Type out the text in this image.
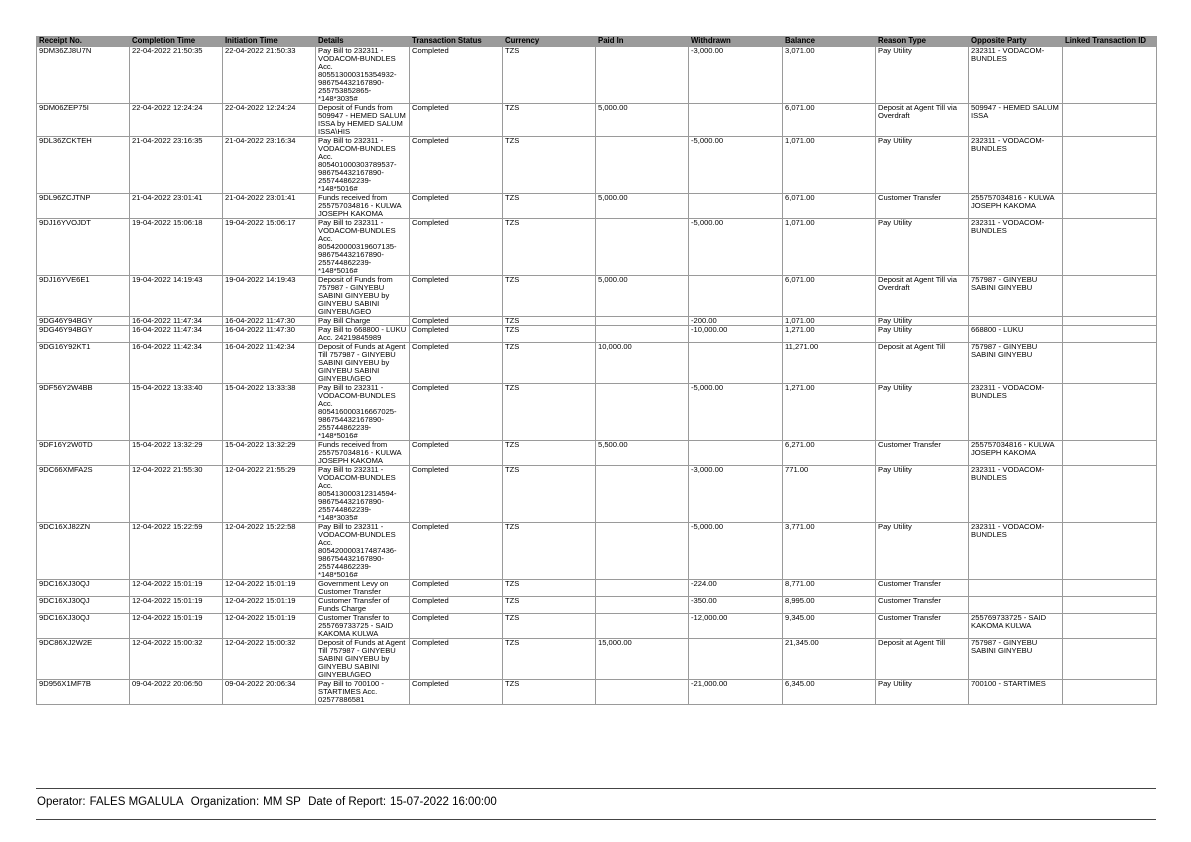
Receipt No.	Completion Time	Initiation Time	Details	Transaction Status	Currency	Paid In	Withdrawn	Balance	Reason Type	Opposite Party	Linked Transaction ID
9DM36ZJ8U7N	22-04-2022 21:50:35	22-04-2022 21:50:33	Pay Bill to 232311 - VODACOM-BUNDLES Acc. 805513000315354932-986754432167890-255753852865-*148*3035#	Completed	TZS		-3,000.00	3,071.00	Pay Utility	232311 - VODACOM-BUNDLES	
9DM06ZEP75I	22-04-2022 12:24:24	22-04-2022 12:24:24	Deposit of Funds from 509947 - HEMED SALUM ISSA by HEMED SALUM ISSA\HIS	Completed	TZS	5,000.00		6,071.00	Deposit at Agent Till via Overdraft	509947 - HEMED SALUM ISSA	
9DL36ZCKTEH	21-04-2022 23:16:35	21-04-2022 23:16:34	Pay Bill to 232311 - VODACOM-BUNDLES Acc. 805401000303789537-986754432167890-255744862239-*148*5016#	Completed	TZS		-5,000.00	1,071.00	Pay Utility	232311 - VODACOM-BUNDLES	
9DL96ZCJTNP	21-04-2022 23:01:41	21-04-2022 23:01:41	Funds received from 255757034816 - KULWA JOSEPH KAKOMA	Completed	TZS	5,000.00		6,071.00	Customer Transfer	255757034816 - KULWA JOSEPH KAKOMA	
9DJ16YVOJDT	19-04-2022 15:06:18	19-04-2022 15:06:17	Pay Bill to 232311 - VODACOM-BUNDLES Acc. 805420000319607135-986754432167890-255744862239-*148*5016#	Completed	TZS		-5,000.00	1,071.00	Pay Utility	232311 - VODACOM-BUNDLES	
9DJ16YVE6E1	19-04-2022 14:19:43	19-04-2022 14:19:43	Deposit of Funds from 757987 - GINYEBU SABINI GINYEBU by GINYEBU SABINI GINYEBU\GEO	Completed	TZS	5,000.00		6,071.00	Deposit at Agent Till via Overdraft	757987 - GINYEBU SABINI GINYEBU	
9DG46Y94BGY	16-04-2022 11:47:34	16-04-2022 11:47:30	Pay Bill Charge	Completed	TZS		-200.00	1,071.00	Pay Utility		
9DG46Y94BGY	16-04-2022 11:47:34	16-04-2022 11:47:30	Pay Bill to 668800 - LUKU Acc. 24219845989	Completed	TZS		-10,000.00	1,271.00	Pay Utility	668800 - LUKU	
9DG16Y92KT1	16-04-2022 11:42:34	16-04-2022 11:42:34	Deposit of Funds at Agent Till 757987 - GINYEBU SABINI GINYEBU by GINYEBU SABINI GINYEBU\GEO	Completed	TZS	10,000.00		11,271.00	Deposit at Agent Till	757987 - GINYEBU SABINI GINYEBU	
9DF56Y2W4BB	15-04-2022 13:33:40	15-04-2022 13:33:38	Pay Bill to 232311 - VODACOM-BUNDLES Acc. 805416000316667025-986754432167890-255744862239-*148*5016#	Completed	TZS		-5,000.00	1,271.00	Pay Utility	232311 - VODACOM-BUNDLES	
9DF16Y2W0TD	15-04-2022 13:32:29	15-04-2022 13:32:29	Funds received from 255757034816 - KULWA JOSEPH KAKOMA	Completed	TZS	5,500.00		6,271.00	Customer Transfer	255757034816 - KULWA JOSEPH KAKOMA	
9DC66XMFA2S	12-04-2022 21:55:30	12-04-2022 21:55:29	Pay Bill to 232311 - VODACOM-BUNDLES Acc. 805413000312314594-986754432167890-255744862239-*148*3035#	Completed	TZS		-3,000.00	771.00	Pay Utility	232311 - VODACOM-BUNDLES	
9DC16XJ82ZN	12-04-2022 15:22:59	12-04-2022 15:22:58	Pay Bill to 232311 - VODACOM-BUNDLES Acc. 805420000317487436-986754432167890-255744862239-*148*5016#	Completed	TZS		-5,000.00	3,771.00	Pay Utility	232311 - VODACOM-BUNDLES	
9DC16XJ30QJ	12-04-2022 15:01:19	12-04-2022 15:01:19	Government Levy on Customer Transfer	Completed	TZS		-224.00	8,771.00	Customer Transfer		
9DC16XJ30QJ	12-04-2022 15:01:19	12-04-2022 15:01:19	Customer Transfer of Funds Charge	Completed	TZS		-350.00	8,995.00	Customer Transfer		
9DC16XJ30QJ	12-04-2022 15:01:19	12-04-2022 15:01:19	Customer Transfer to 255769733725 - SAID KAKOMA KULWA	Completed	TZS		-12,000.00	9,345.00	Customer Transfer	255769733725 - SAID KAKOMA KULWA	
9DC86XJ2W2E	12-04-2022 15:00:32	12-04-2022 15:00:32	Deposit of Funds at Agent Till 757987 - GINYEBU SABINI GINYEBU by GINYEBU SABINI GINYEBU\GEO	Completed	TZS	15,000.00		21,345.00	Deposit at Agent Till	757987 - GINYEBU SABINI GINYEBU	
9D956X1MF7B	09-04-2022 20:06:50	09-04-2022 20:06:34	Pay Bill to 700100 - STARTIMES Acc. 02577886581	Completed	TZS		-21,000.00	6,345.00	Pay Utility	700100 - STARTIMES	
Operator: FALES MGALULA Organization: MM SP Date of Report: 15-07-2022 16:00:00
